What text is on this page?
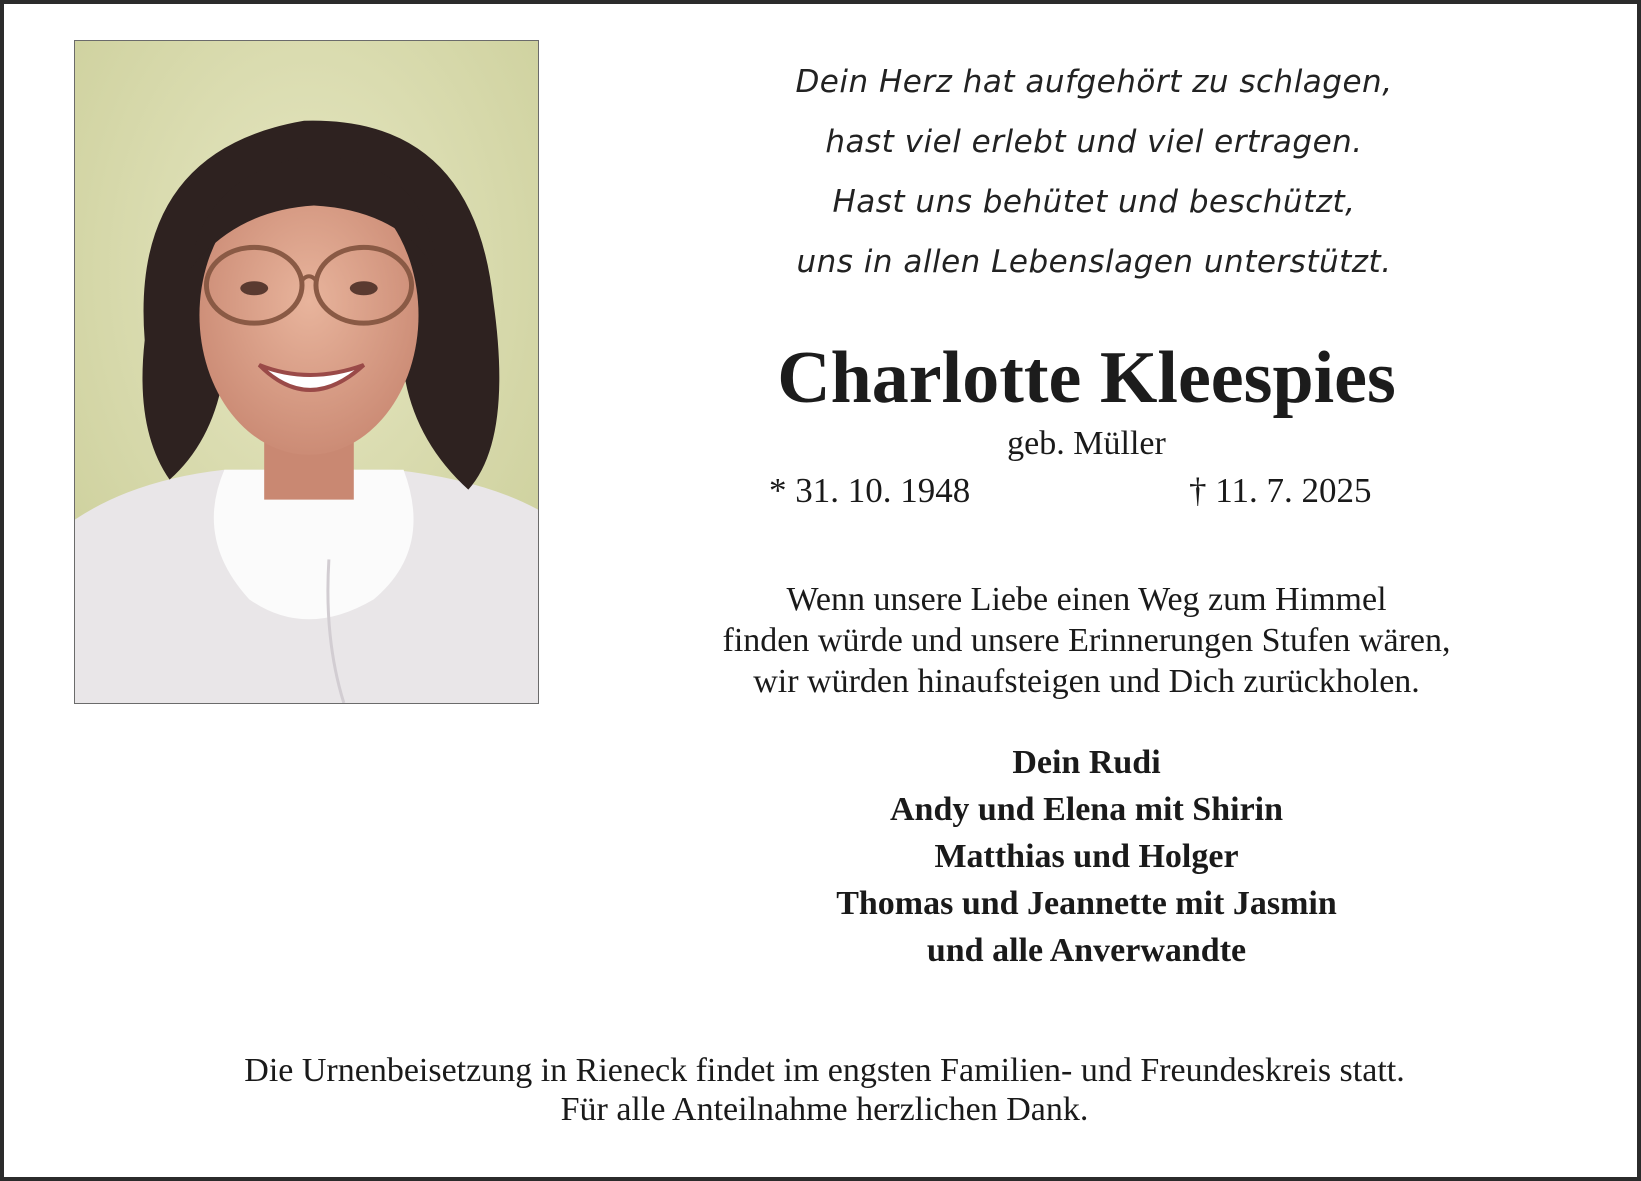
Dein Herz hat aufgehört zu schlagen,
hast viel erlebt und viel ertragen.
Hast uns behütet und beschützt,
uns in allen Lebenslagen unterstützt.
Charlotte Kleespies
geb. Müller
* 31. 10. 1948	† 11. 7. 2025
Wenn unsere Liebe einen Weg zum Himmel
finden würde und unsere Erinnerungen Stufen wären,
wir würden hinaufsteigen und Dich zurückholen.
Dein Rudi
Andy und Elena mit Shirin
Matthias und Holger
Thomas und Jeannette mit Jasmin
und alle Anverwandte
Die Urnenbeisetzung in Rieneck findet im engsten Familien- und Freundeskreis statt.
Für alle Anteilnahme herzlichen Dank.
